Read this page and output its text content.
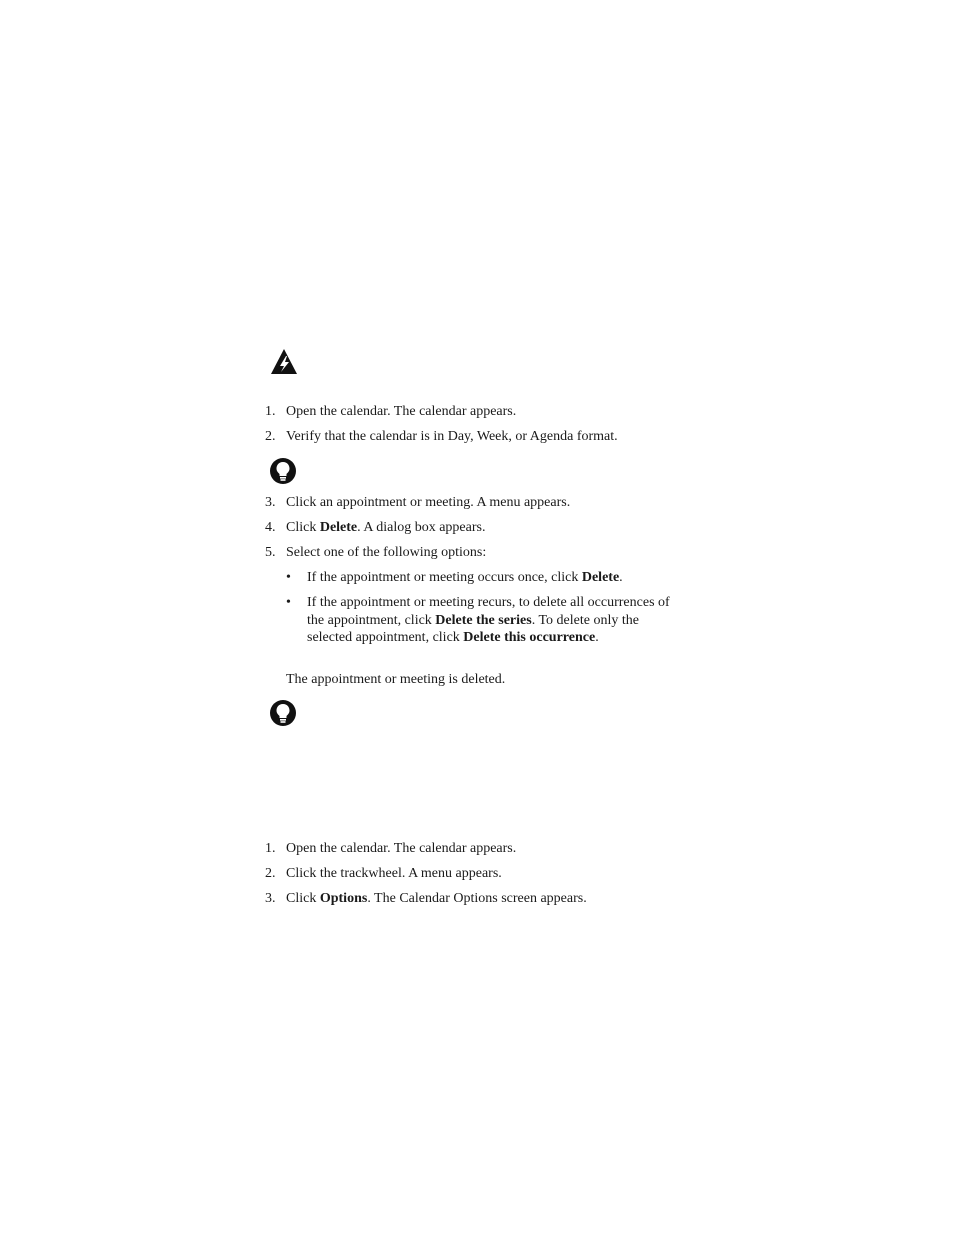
1. Open the calendar. The calendar appears.
2. Verify that the calendar is in Day, Week, or Agenda format.
3. Click an appointment or meeting. A menu appears.
4. Click Delete. A dialog box appears.
5. Select one of the following options:
• If the appointment or meeting occurs once, click Delete.
• If the appointment or meeting recurs, to delete all occurrences of the appointment, click Delete the series. To delete only the selected appointment, click Delete this occurrence.
The appointment or meeting is deleted.
1. Open the calendar. The calendar appears.
2. Click the trackwheel. A menu appears.
3. Click Options. The Calendar Options screen appears.
